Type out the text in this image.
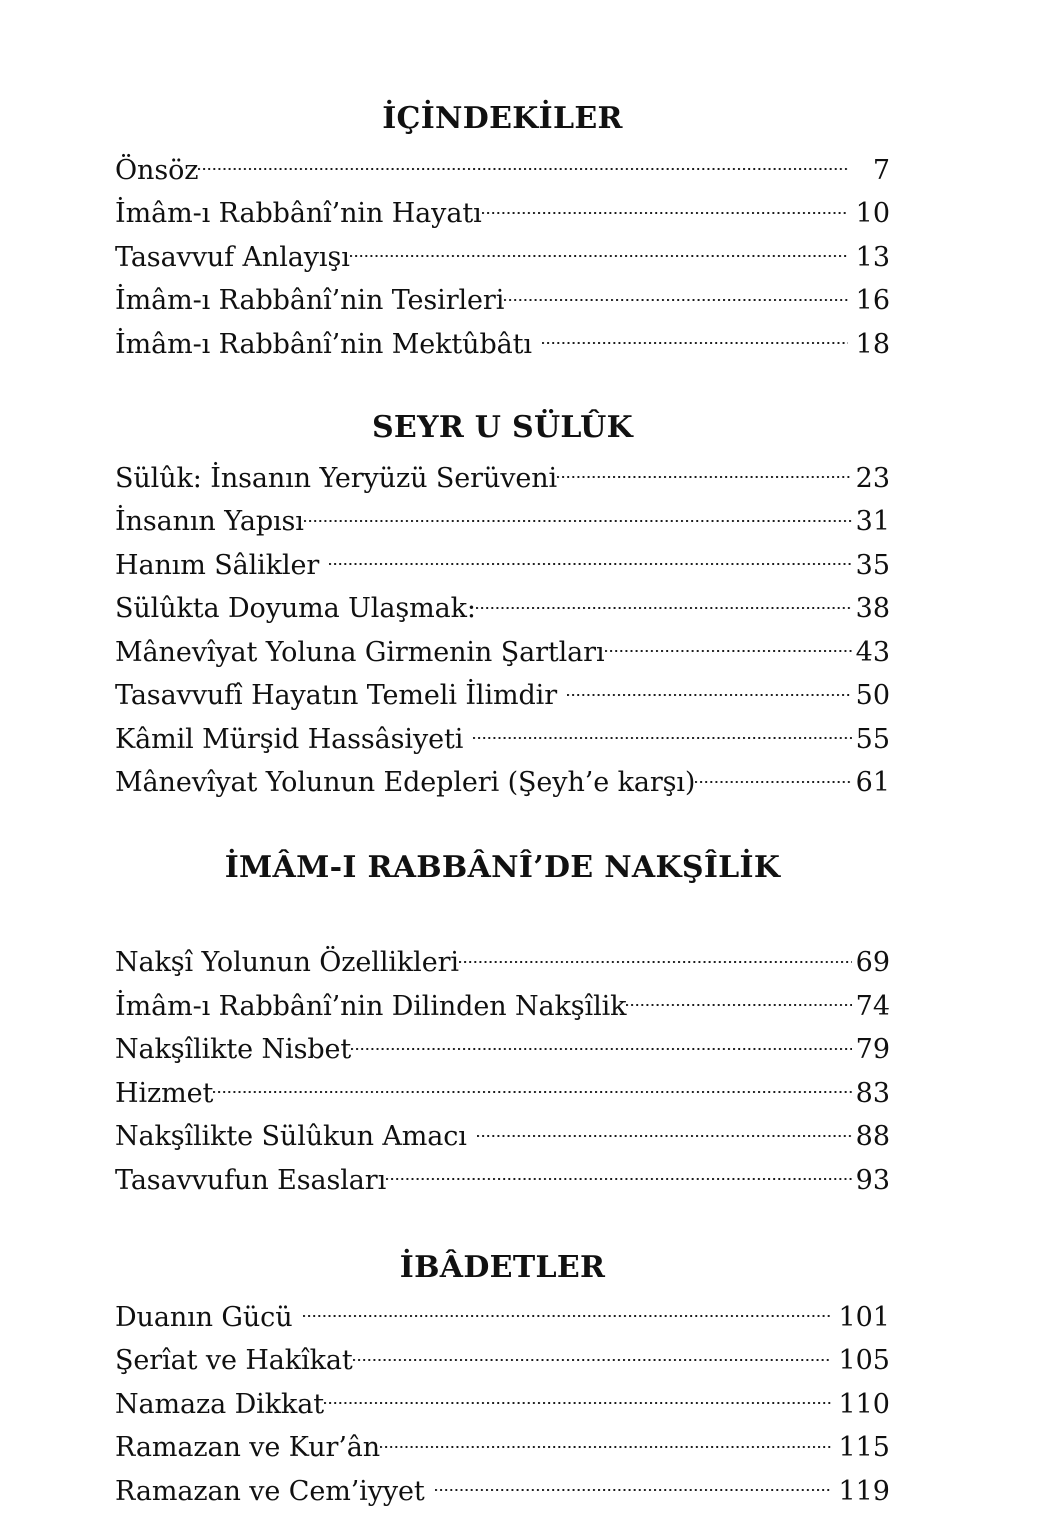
İÇİNDEKİLER
Önsöz	7
İmâm-ı Rabbânî’nin Hayatı	10
Tasavvuf Anlayışı	13
İmâm-ı Rabbânî’nin Tesirleri	16
İmâm-ı Rabbânî’nin Mektûbâtı	18
SEYR U SÜLÛK
Sülûk: İnsanın Yeryüzü Serüveni	23
İnsanın Yapısı	31
Hanım Sâlikler	35
Sülûkta Doyuma Ulaşmak:	38
Mânevîyat Yoluna Girmenin Şartları	43
Tasavvufî Hayatın Temeli İlimdir	50
Kâmil Mürşid Hassâsiyeti	55
Mânevîyat Yolunun Edepleri (Şeyh’e karşı)	61
İMÂM-I RABBÂNÎ’DE NAKŞÎLİK
Nakşî Yolunun Özellikleri	69
İmâm-ı Rabbânî’nin Dilinden Nakşîlik	74
Nakşîlikte Nisbet	79
Hizmet	83
Nakşîlikte Sülûkun Amacı	88
Tasavvufun Esasları	93
İBÂDETLER
Duanın Gücü	101
Şerîat ve Hakîkat	105
Namaza Dikkat	110
Ramazan ve Kur’ân	115
Ramazan ve Cem’iyyet	119
